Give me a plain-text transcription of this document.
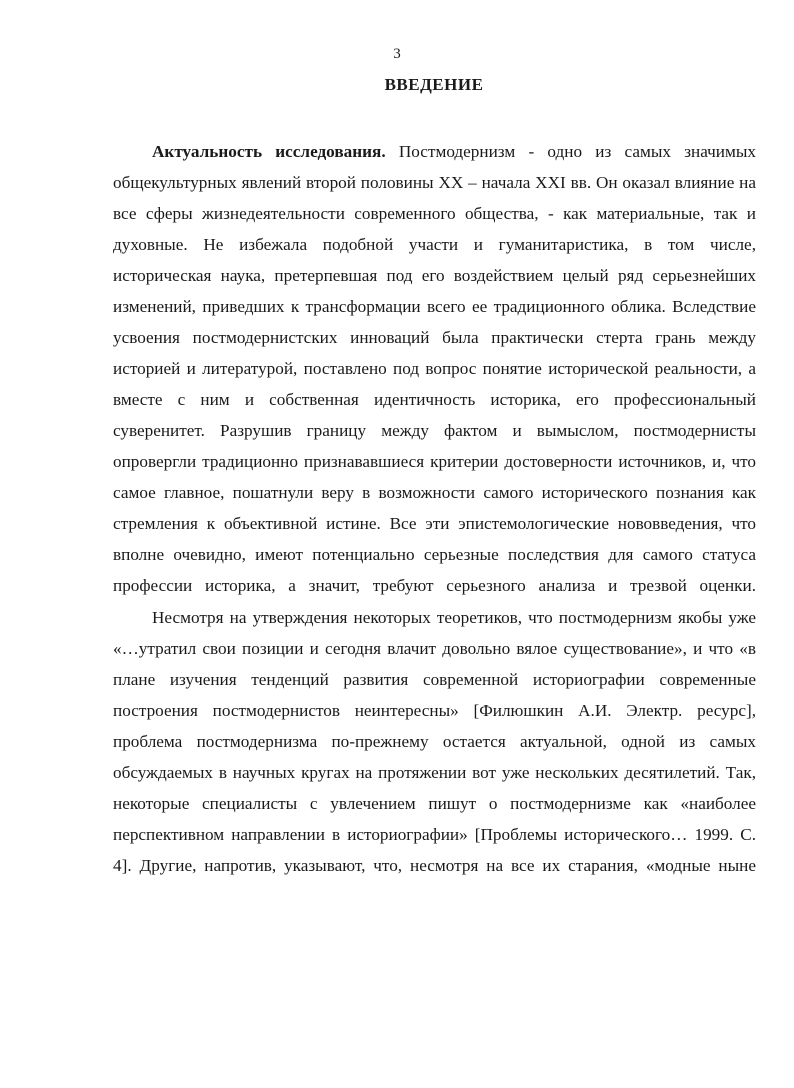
3
ВВЕДЕНИЕ

Актуальность исследования. Постмодернизм - одно из самых значимых общекультурных явлений второй половины XX – начала XXI вв. Он оказал влияние на все сферы жизнедеятельности современного общества, - как материальные, так и духовные. Не избежала подобной участи и гуманитаристика, в том числе, историческая наука, претерпевшая под его воздействием целый ряд серьезнейших изменений, приведших к трансформации всего ее традиционного облика. Вследствие усвоения постмодернистских инноваций была практически стерта грань между историей и литературой, поставлено под вопрос понятие исторической реальности, а вместе с ним и собственная идентичность историка, его профессиональный суверенитет. Разрушив границу между фактом и вымыслом, постмодернисты опровергли традиционно признававшиеся критерии достоверности источников, и, что самое главное, пошатнули веру в возможности самого исторического познания как стремления к объективной истине. Все эти эпистемологические нововведения, что вполне очевидно, имеют потенциально серьезные последствия для самого статуса профессии историка, а значит, требуют серьезного анализа и трезвой оценки.

Несмотря на утверждения некоторых теоретиков, что постмодернизм якобы уже «…утратил свои позиции и сегодня влачит довольно вялое существование», и что «в плане изучения тенденций развития современной историографии современные построения постмодернистов неинтересны» [Филюшкин А.И. Электр. ресурс], проблема постмодернизма по-прежнему остается актуальной, одной из самых обсуждаемых в научных кругах на протяжении вот уже нескольких десятилетий. Так, некоторые специалисты с увлечением пишут о постмодернизме как «наиболее перспективном направлении в историографии» [Проблемы исторического… 1999. С. 4]. Другие, напротив, указывают, что, несмотря на все их старания, «модные ныне
